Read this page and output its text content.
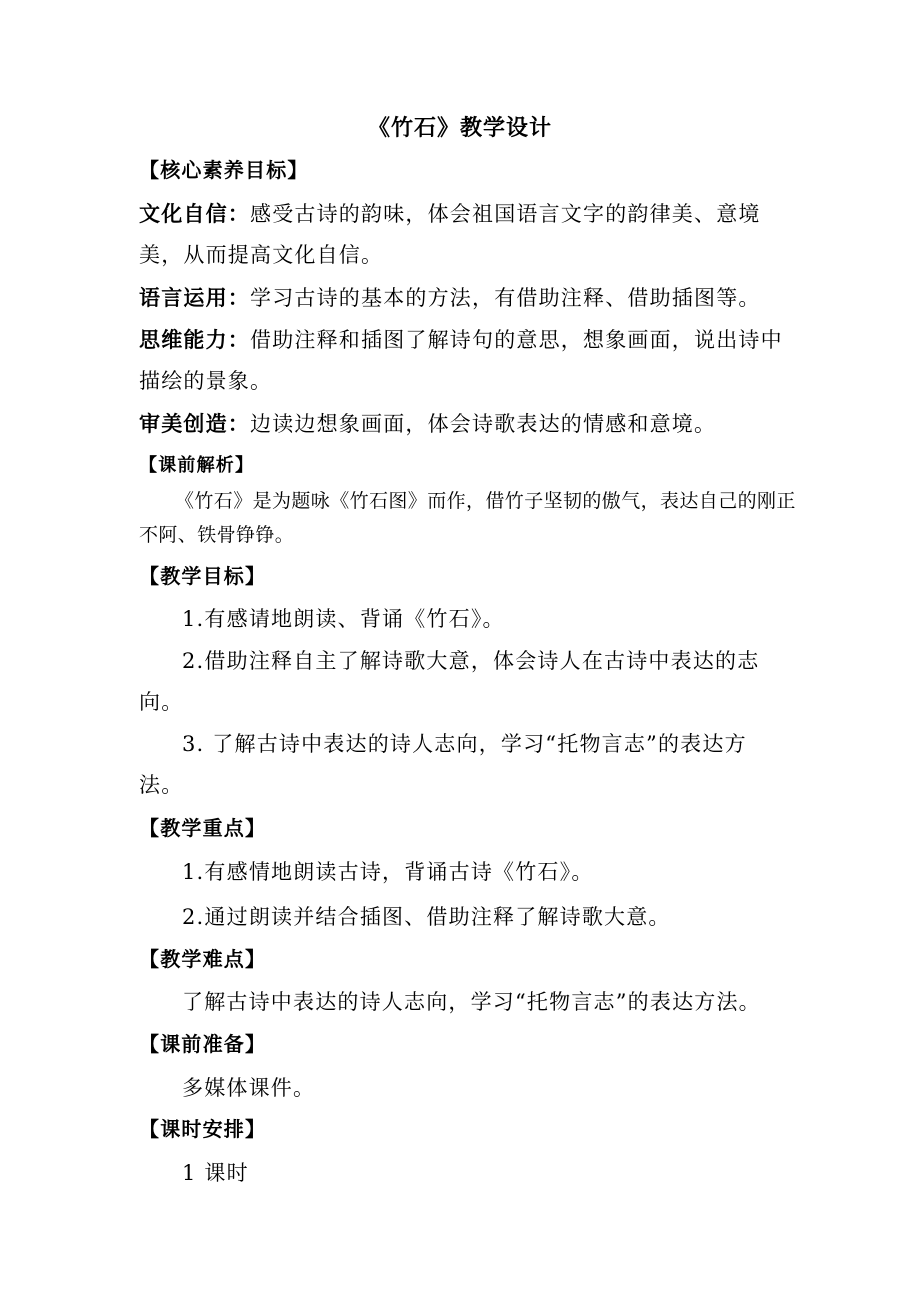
《竹石》教学设计
【核心素养目标】
文化自信：感受古诗的韵味，体会祖国语言文字的韵律美、意境
美，从而提高文化自信。
语言运用：学习古诗的基本的方法，有借助注释、借助插图等。
思维能力：借助注释和插图了解诗句的意思，想象画面，说出诗中
描绘的景象。
审美创造：边读边想象画面，体会诗歌表达的情感和意境。
【课前解析】
《竹石》是为题咏《竹石图》而作，借竹子坚韧的傲气，表达自己的刚正
不阿、铁骨铮铮。
【教学目标】
1.有感请地朗读、背诵《竹石》。
2.借助注释自主了解诗歌大意，体会诗人在古诗中表达的志
向。
3. 了解古诗中表达的诗人志向，学习“托物言志”的表达方
法。
【教学重点】
1.有感情地朗读古诗，背诵古诗《竹石》。
2.通过朗读并结合插图、借助注释了解诗歌大意。
【教学难点】
了解古诗中表达的诗人志向，学习“托物言志”的表达方法。
【课前准备】
多媒体课件。
【课时安排】
1 课时
